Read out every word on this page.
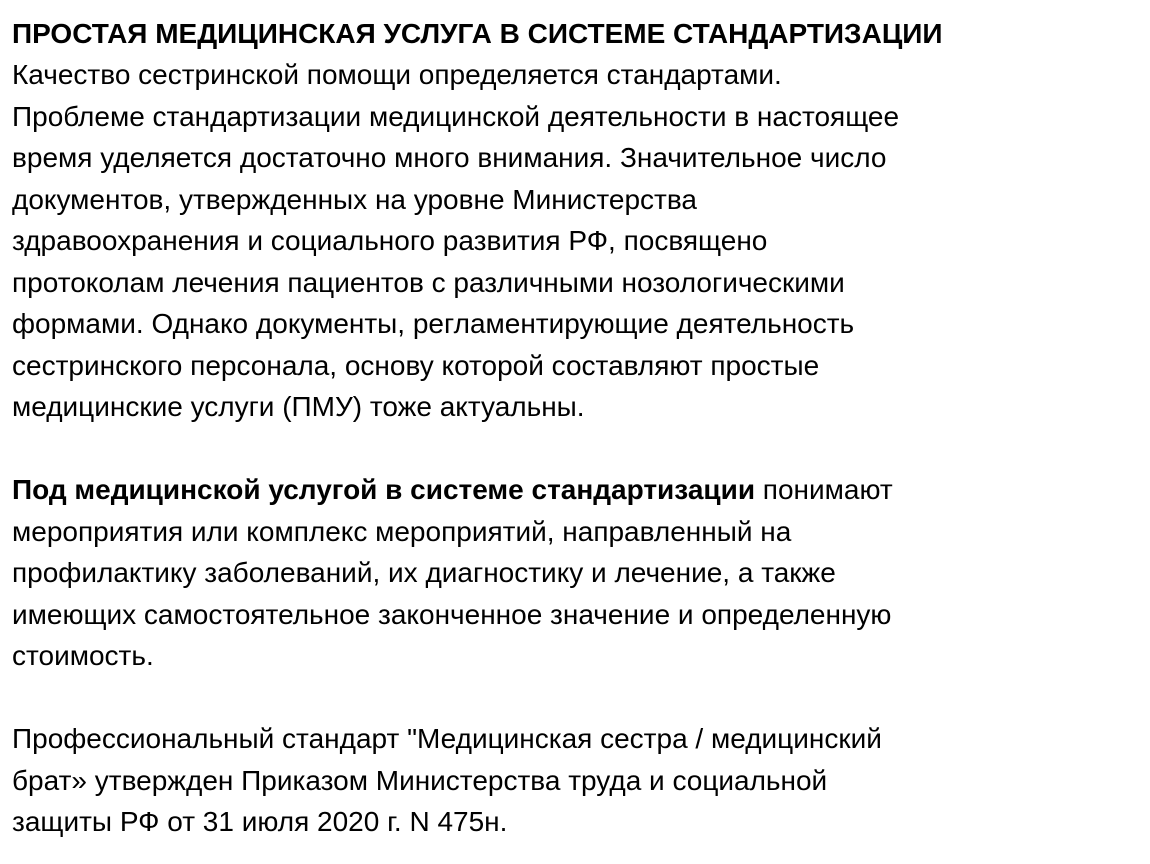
ПРОСТАЯ МЕДИЦИНСКАЯ УСЛУГА В СИСТЕМЕ СТАНДАРТИЗАЦИИ

Качество сестринской помощи определяется стандартами.
Проблеме стандартизации медицинской деятельности в настоящее
время уделяется достаточно много внимания. Значительное число
документов, утвержденных на уровне Министерства
здравоохранения и социального развития РФ, посвящено
протоколам лечения пациентов с различными нозологическими
формами. Однако документы, регламентирующие деятельность
сестринского персонала, основу которой составляют простые
медицинские услуги (ПМУ) тоже актуальны.

Под медицинской услугой в системе стандартизации понимают
мероприятия или комплекс мероприятий, направленный на
профилактику заболеваний, их диагностику и лечение, а также
имеющих самостоятельное законченное значение и определенную
стоимость.

Профессиональный стандарт "Медицинская сестра / медицинский
брат» утвержден Приказом Министерства труда и социальной
защиты РФ от 31 июля 2020 г. N 475н.
